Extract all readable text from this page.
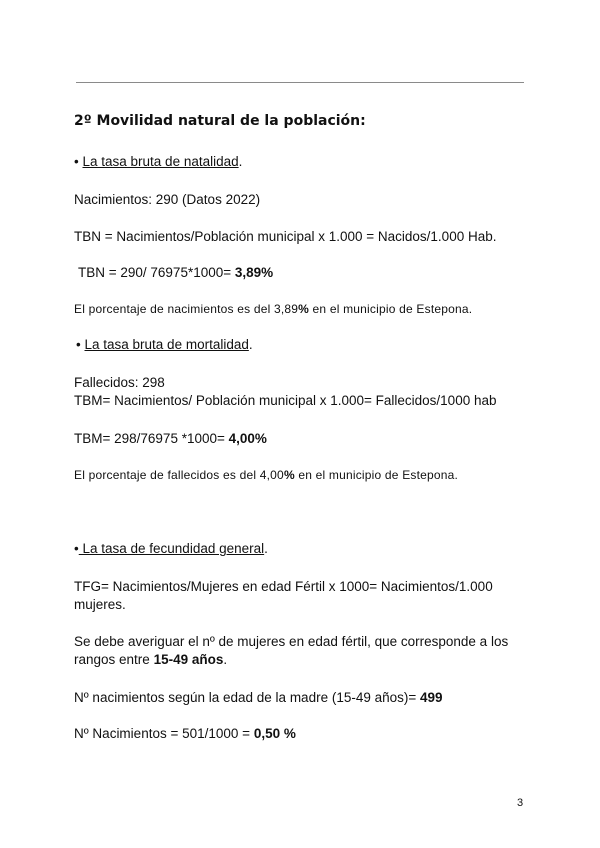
2º Movilidad natural de la población:
• La tasa bruta de natalidad.
Nacimientos: 290 (Datos 2022)
TBN = Nacimientos/Población municipal x 1.000 = Nacidos/1.000 Hab.
TBN = 290/ 76975*1000= 3,89%
El porcentaje de nacimientos es del 3,89% en el municipio de Estepona.
• La tasa bruta de mortalidad.
Fallecidos: 298
TBM= Nacimientos/ Población municipal x 1.000= Fallecidos/1000 hab
TBM= 298/76975 *1000= 4,00%
El porcentaje de fallecidos es del 4,00% en el municipio de Estepona.
• La tasa de fecundidad general.
TFG= Nacimientos/Mujeres en edad Fértil x 1000= Nacimientos/1.000 mujeres.
Se debe averiguar el nº de mujeres en edad fértil, que corresponde a los rangos entre 15-49 años.
Nº nacimientos según la edad de la madre (15-49 años)= 499
Nº Nacimientos = 501/1000 = 0,50 %
3
